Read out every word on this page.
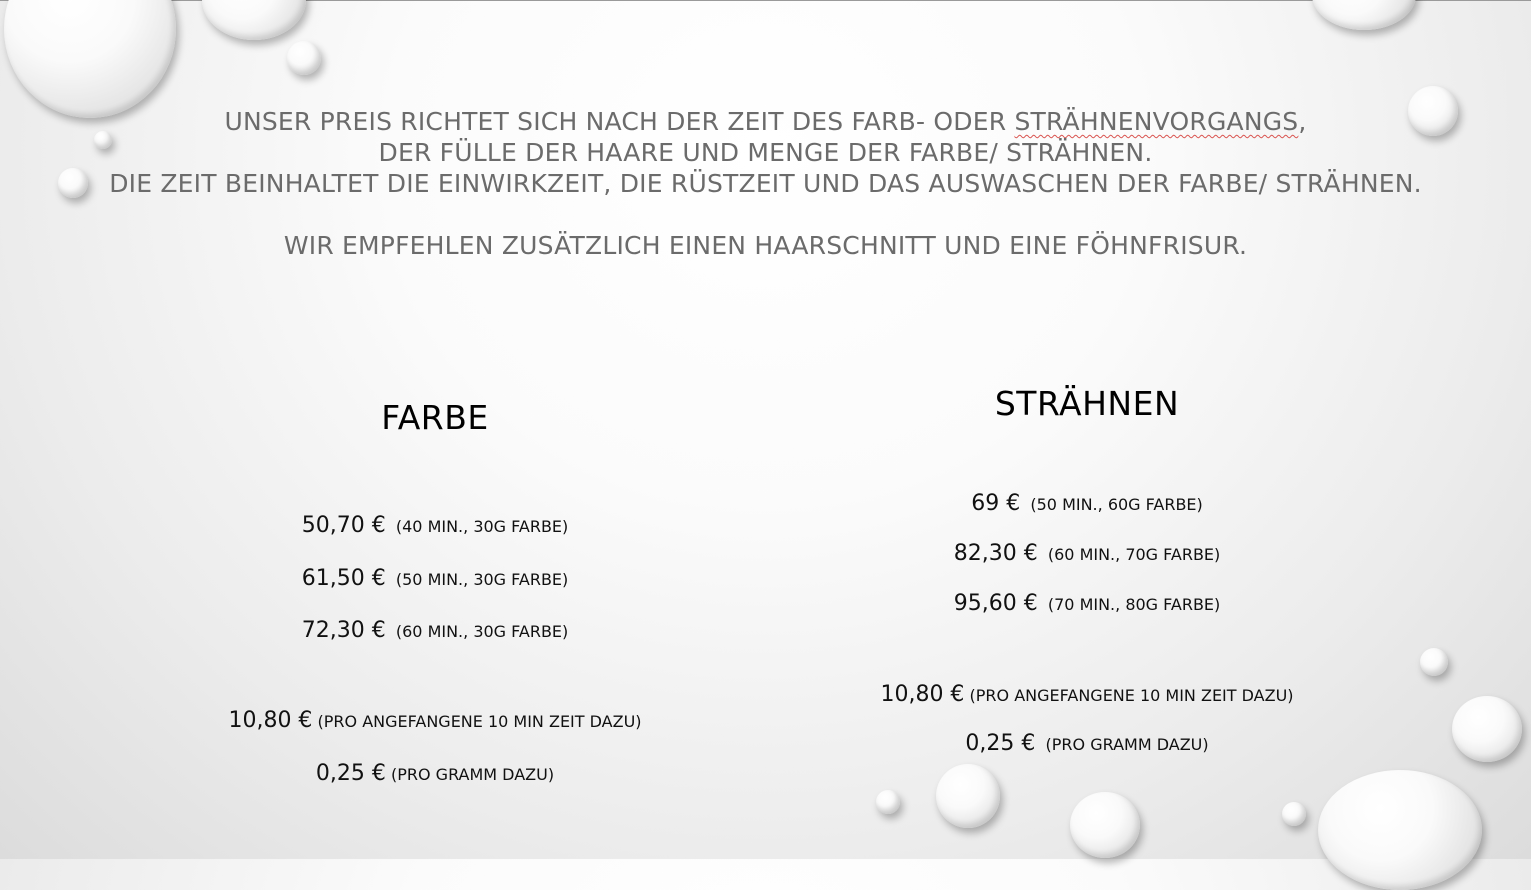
UNSER PREIS RICHTET SICH NACH DER ZEIT DES FARB- ODER STRÄHNENVORGANGS,
DER FÜLLE DER HAARE UND MENGE DER FARBE/ STRÄHNEN.
DIE ZEIT BEINHALTET DIE EINWIRKZEIT, DIE RÜSTZEIT UND DAS AUSWASCHEN DER FARBE/ STRÄHNEN.
WIR EMPFEHLEN ZUSÄTZLICH EINEN HAARSCHNITT UND EINE FÖHNFRISUR.
FARBE
50,70 € (40 MIN., 30G FARBE)
61,50 € (50 MIN., 30G FARBE)
72,30 € (60 MIN., 30G FARBE)
10,80 € (PRO ANGEFANGENE 10 MIN ZEIT DAZU)
0,25 € (PRO GRAMM DAZU)
STRÄHNEN
69 € (50 MIN., 60G FARBE)
82,30 € (60 MIN., 70G FARBE)
95,60 € (70 MIN., 80G FARBE)
10,80 € (PRO ANGEFANGENE 10 MIN ZEIT DAZU)
0,25 € (PRO GRAMM DAZU)
